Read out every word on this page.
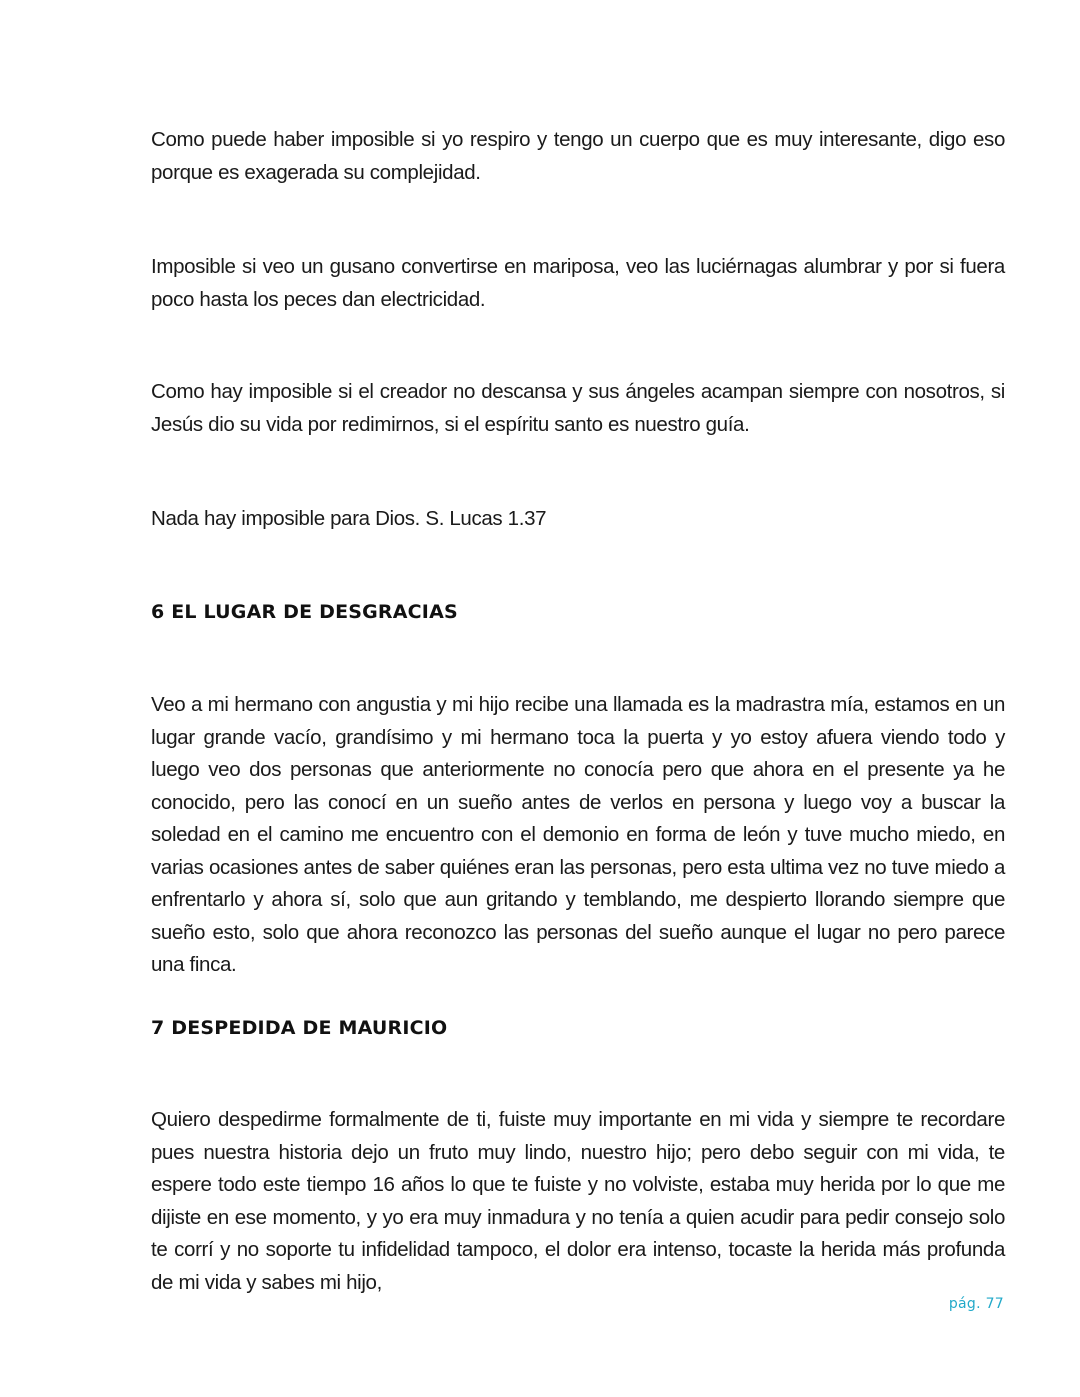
Como puede haber imposible si yo respiro y tengo un cuerpo que es muy interesante, digo eso porque es exagerada su complejidad.

Imposible si veo un gusano convertirse en mariposa, veo las luciérnagas alumbrar y por si fuera poco hasta los peces dan electricidad.

Como hay imposible si el creador no descansa y sus ángeles acampan siempre con nosotros, si Jesús dio su vida por redimirnos, si el espíritu santo es nuestro guía.

Nada hay imposible para Dios. S. Lucas 1.37

6 EL LUGAR DE DESGRACIAS

Veo a mi hermano con angustia y mi hijo recibe una llamada es la madrastra mía, estamos en un lugar grande vacío, grandísimo y mi hermano toca la puerta y yo estoy afuera viendo todo y luego veo dos personas que anteriormente no conocía pero que ahora en el presente ya he conocido, pero las conocí en un sueño antes de verlos en persona y luego voy a buscar la soledad en el camino me encuentro con el demonio en forma de león y tuve mucho miedo, en varias ocasiones antes de saber quiénes eran las personas, pero esta ultima vez no tuve miedo a enfrentarlo y ahora sí, solo que aun gritando y temblando, me despierto llorando siempre que sueño esto, solo que ahora reconozco las personas del sueño aunque el lugar no pero parece una finca.

7 DESPEDIDA DE MAURICIO

Quiero despedirme formalmente de ti, fuiste muy importante en mi vida y siempre te recordare pues nuestra historia dejo un fruto muy lindo, nuestro hijo; pero debo seguir con mi vida, te espere todo este tiempo 16 años lo que te fuiste y no volviste, estaba muy herida por lo que me dijiste en ese momento, y yo era muy inmadura y no tenía a quien acudir para pedir consejo solo te corrí y no soporte tu infidelidad tampoco, el dolor era intenso, tocaste la herida más profunda de mi vida y sabes mi hijo,

pág. 77
